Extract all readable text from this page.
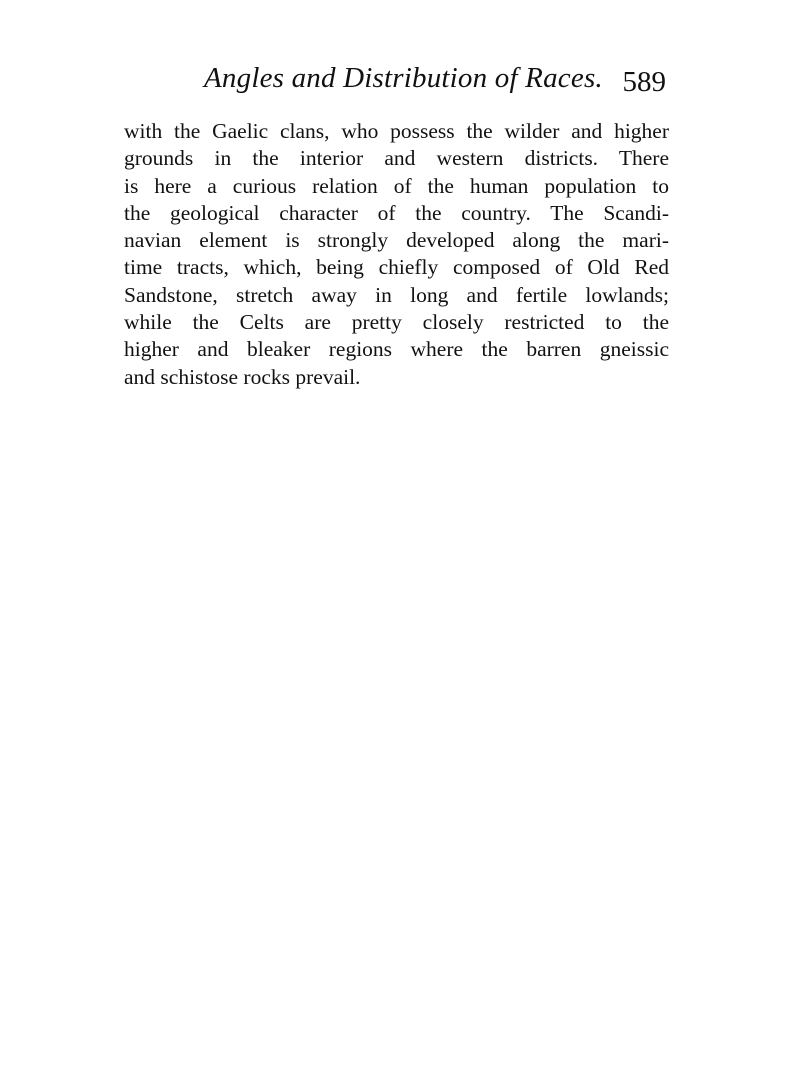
Angles and Distribution of Races. 589
with the Gaelic clans, who possess the wilder and higher
grounds in the interior and western districts. There
is here a curious relation of the human population to
the geological character of the country. The Scandi-
navian element is strongly developed along the mari-
time tracts, which, being chiefly composed of Old Red
Sandstone, stretch away in long and fertile lowlands;
while the Celts are pretty closely restricted to the
higher and bleaker regions where the barren gneissic
and schistose rocks prevail.
